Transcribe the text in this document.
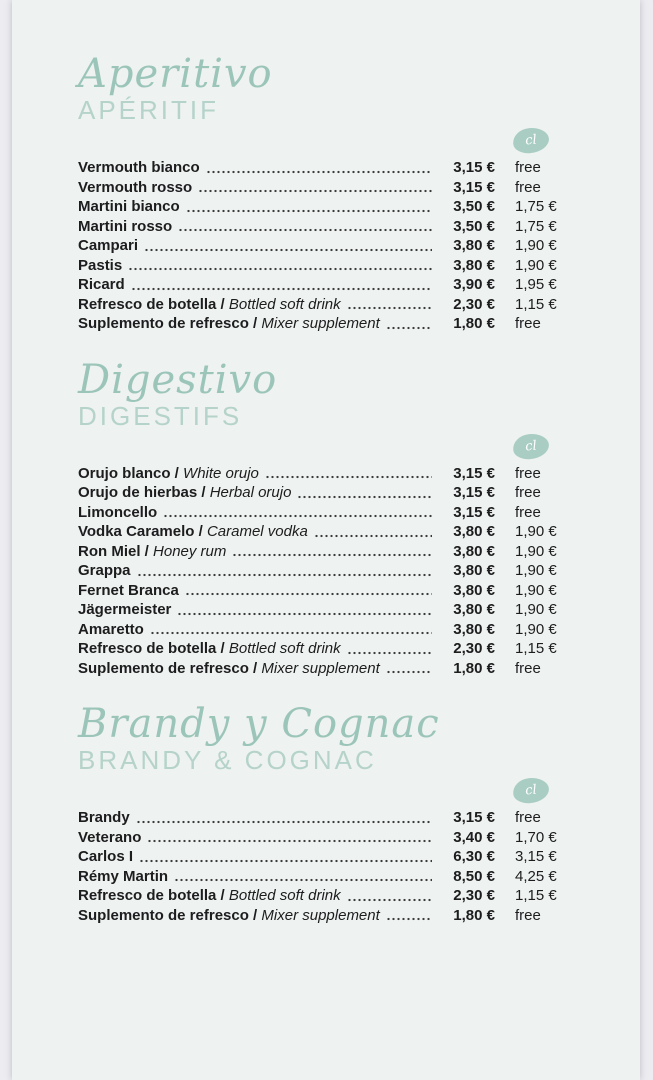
Aperitivo
APÉRITIF
cl
Vermouth bianco	3,15 €	free
Vermouth rosso	3,15 €	free
Martini bianco	3,50 €	1,75 €
Martini rosso	3,50 €	1,75 €
Campari	3,80 €	1,90 €
Pastis	3,80 €	1,90 €
Ricard	3,90 €	1,95 €
Refresco de botella / Bottled soft drink	2,30 €	1,15 €
Suplemento de refresco / Mixer supplement	1,80 €	free
Digestivo
DIGESTIFS
cl
Orujo blanco / White orujo	3,15 €	free
Orujo de hierbas / Herbal orujo	3,15 €	free
Limoncello	3,15 €	free
Vodka Caramelo / Caramel vodka	3,80 €	1,90 €
Ron Miel / Honey rum	3,80 €	1,90 €
Grappa	3,80 €	1,90 €
Fernet Branca	3,80 €	1,90 €
Jägermeister	3,80 €	1,90 €
Amaretto	3,80 €	1,90 €
Refresco de botella / Bottled soft drink	2,30 €	1,15 €
Suplemento de refresco / Mixer supplement	1,80 €	free
Brandy y Cognac
BRANDY & COGNAC
cl
Brandy	3,15 €	free
Veterano	3,40 €	1,70 €
Carlos I	6,30 €	3,15 €
Rémy Martin	8,50 €	4,25 €
Refresco de botella / Bottled soft drink	2,30 €	1,15 €
Suplemento de refresco / Mixer supplement	1,80 €	free
